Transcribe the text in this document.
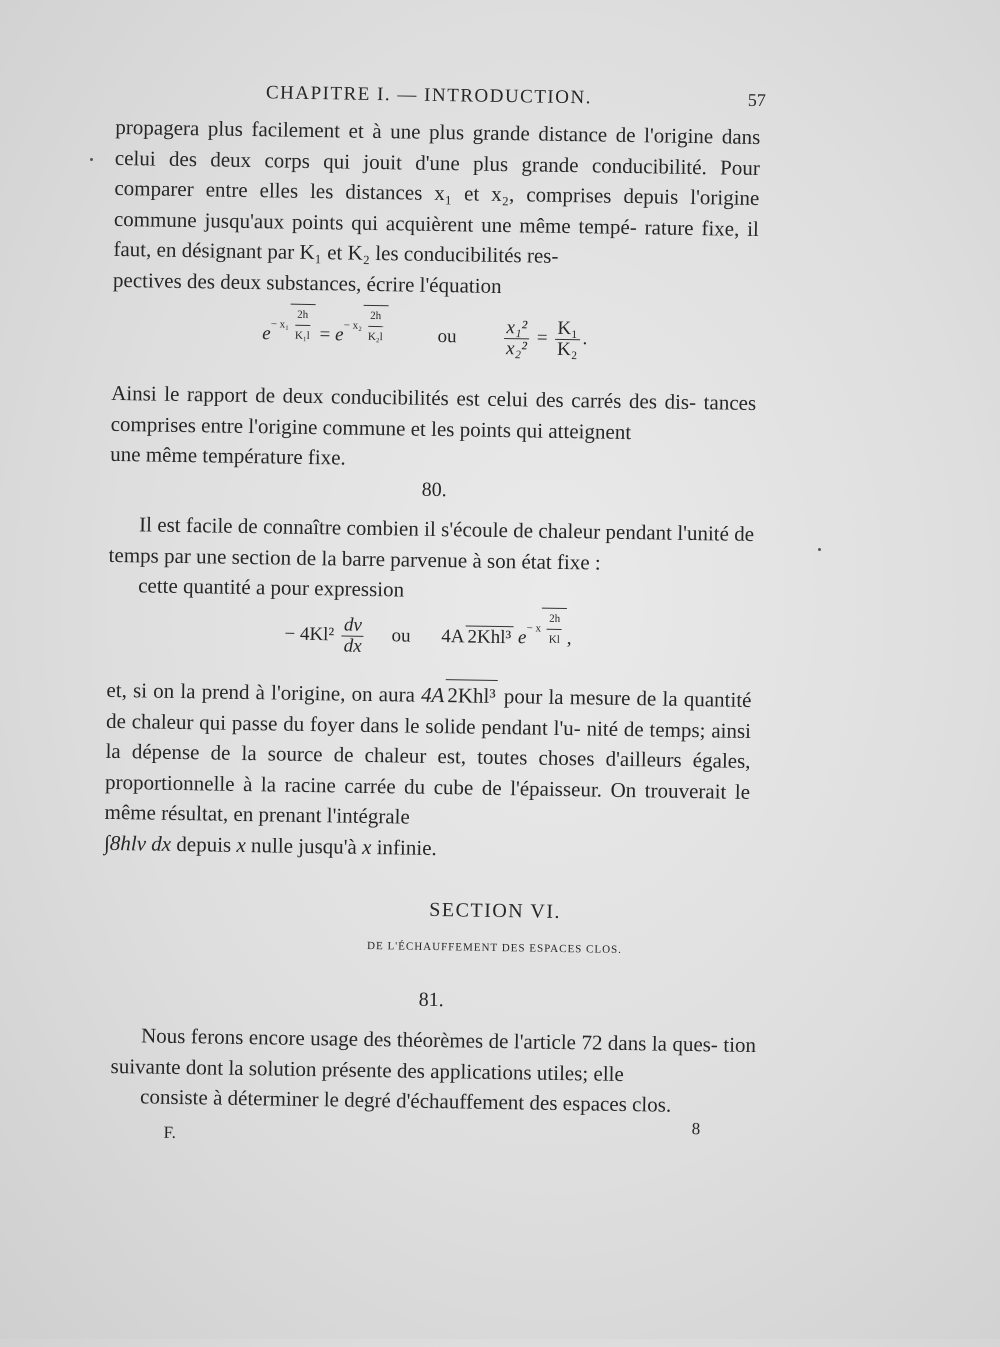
CHAPITRE I. — INTRODUCTION.	57

propagera plus facilement et à une plus grande distance de l'origine dans celui des deux corps qui jouit d'une plus grande conducibilité. Pour comparer entre elles les distances x₁ et x₂, comprises depuis l'origine commune jusqu'aux points qui acquièrent une même tempé- rature fixe, il faut, en désignant par K₁ et K₂ les conducibilités res-
pectives des deux substances, écrire l'équation

$e^{- x_1 \frac{2h}{\text{K₁l}}} = e^{- x_2 \frac{2h}{\text{K₂l}}}$	ou $\frac{\text{x₁²}}{\text{x₂²}} = \frac{\text{K₁}}{\text{K₂}}$ .

Ainsi le rapport de deux conducibilités est celui des carrés des dis- tances comprises entre l'origine commune et les points qui atteignent
une même température fixe.

80.

Il est facile de connaître combien il s'écoule de chaleur pendant l'unité de temps par une section de la barre parvenue à son état fixe :
cette quantité a pour expression

− $4Kl^2 \frac{dv}{dx}$ ou 4A 2Khl³ $e^{- x \frac{2h}{Kl}}$ ,

et, si on la prend à l'origine, on aura 4A 2Khl³ pour la mesure de la quantité de chaleur qui passe du foyer dans le solide pendant l'u- nité de temps; ainsi la dépense de la source de chaleur est, toutes choses d'ailleurs égales, proportionnelle à la racine carrée du cube de l'épaisseur. On trouverait le même résultat, en prenant l'intégrale
∫8hlv dx depuis x nulle jusqu'à x infinie.

SECTION VI.
DE L'ÉCHAUFFEMENT DES ESPACES CLOS.
81.

Nous ferons encore usage des théorèmes de l'article 72 dans la ques- tion suivante dont la solution présente des applications utiles; elle
consiste à déterminer le degré d'échauffement des espaces clos.

F.	8
